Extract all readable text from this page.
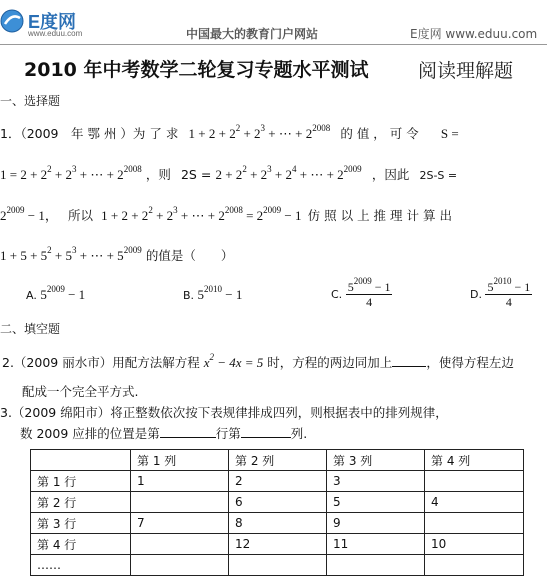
E度网
www.eduu.com	中国最大的教育门户网站	E度网 www.eduu.com
2010 年中考数学二轮复习专题水平测试	阅读理解题
一、选择题
1．（2009　年 鄂 州 ）为 了 求 $1 + 2 + 2^2 + 2^3$ + ⋯ + $2^{2008}$ 的 值 ， 可 令 S =
$1 = 2 + 2^2 + 2^3$ + ⋯ + $2^{2008}$ ，则 $2S = 2 + 2^2 + 2^3 + 2^4$ + ⋯ + $2^{2009}$ ，因此 2S-S =
$2^{2009} - 1$， 所以 $1 + 2 + 2^2 + 2^3$ + ⋯ + $2^{2008} = 2^{2009} - 1$ 仿 照 以 上 推 理 计 算 出
$1 + 5 + 5^2 + 5^3$ + ⋯ + $5^{2009}$ 的值是（　　）
A. $5^{2009} - 1$	B. $5^{2010} - 1$	C. $\frac{5^{2009} - 1}{4}$	D. $\frac{5^{2010} - 1}{4}$
二、填空题
2.（2009 丽水市）用配方法解方程 $x^2 - 4x = 5$ 时，方程的两边同加上	，使得方程左边
配成一个完全平方式.
3.（2009 绵阳市）将正整数依次按下表规律排成四列，则根据表中的排列规律，
数 2009 应排的位置是第	行第	列.
	第 1 列	第 2 列	第 3 列	第 4 列
第 1 行	1	2	3	
第 2 行		6	5	4
第 3 行	7	8	9	
第 4 行		12	11	10
……				
